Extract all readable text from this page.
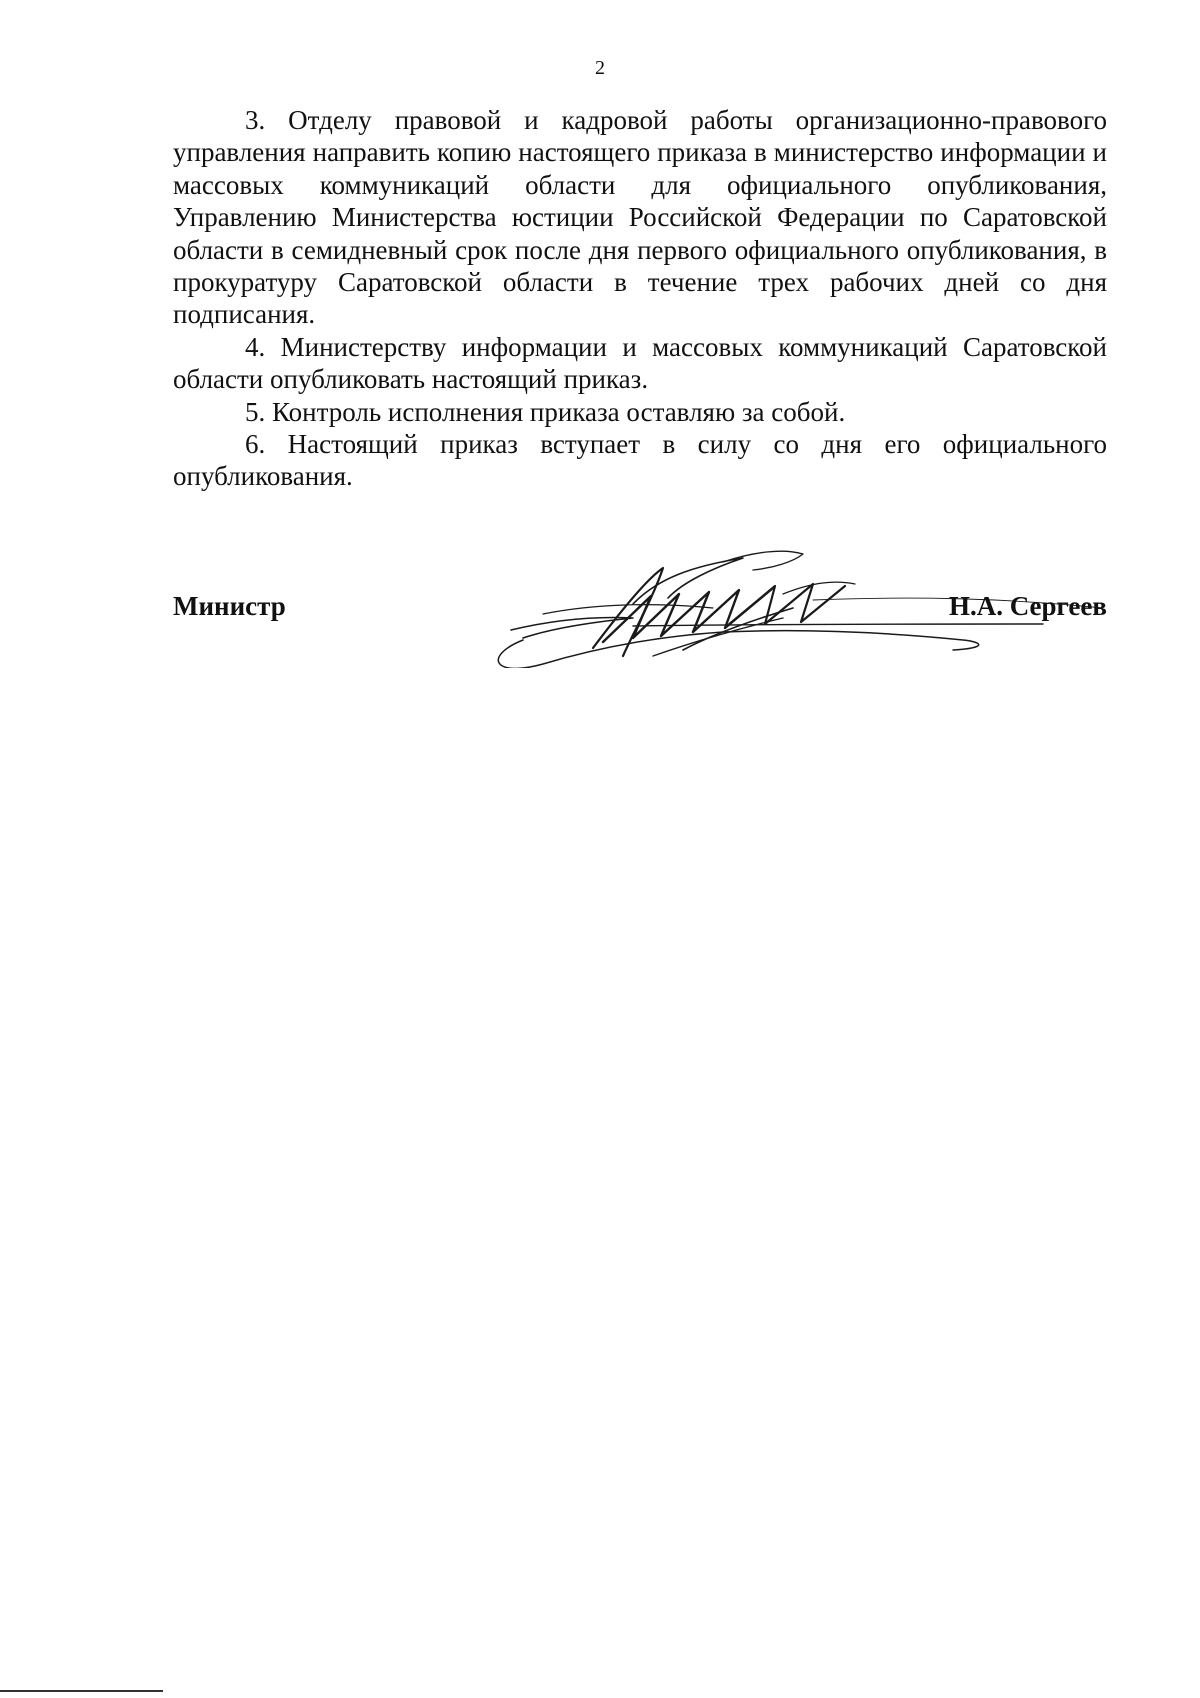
2

3. Отделу правовой и кадровой работы организационно-правового управления направить копию настоящего приказа в министерство информации и массовых коммуникаций области для официального опубликования, Управлению Министерства юстиции Российской Федерации по Саратовской области в семидневный срок после дня первого официального опубликования, в прокуратуру Саратовской области в течение трех рабочих дней со дня подписания.

4. Министерству информации и массовых коммуникаций Саратовской области опубликовать настоящий приказ.

5. Контроль исполнения приказа оставляю за собой.

6. Настоящий приказ вступает в силу со дня его официального опубликования.

Министр	Н.А. Сергеев
